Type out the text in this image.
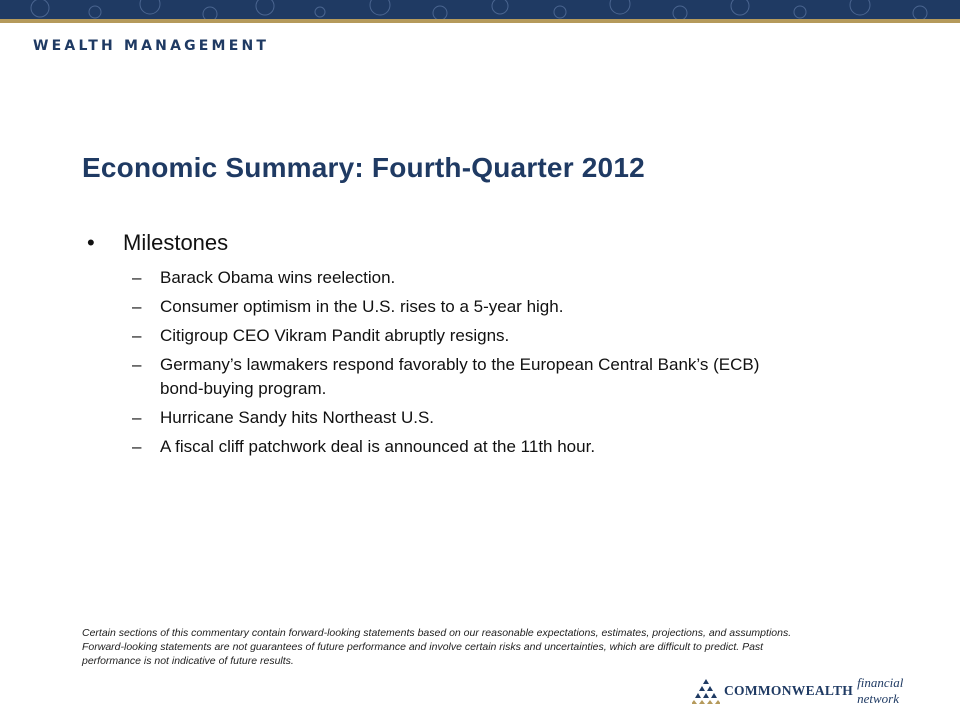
WEALTH MANAGEMENT
Economic Summary: Fourth-Quarter 2012
•	Milestones
–	Barack Obama wins reelection.
–	Consumer optimism in the U.S. rises to a 5-year high.
–	Citigroup CEO Vikram Pandit abruptly resigns.
–	Germany’s lawmakers respond favorably to the European Central Bank’s (ECB) bond-buying program.
–	Hurricane Sandy hits Northeast U.S.
–	A fiscal cliff patchwork deal is announced at the 11th hour.
Certain sections of this commentary contain forward-looking statements based on our reasonable expectations, estimates, projections, and assumptions. Forward-looking statements are not guarantees of future performance and involve certain risks and uncertainties, which are difficult to predict. Past performance is not indicative of future results.
COMMONWEALTH
financial network
